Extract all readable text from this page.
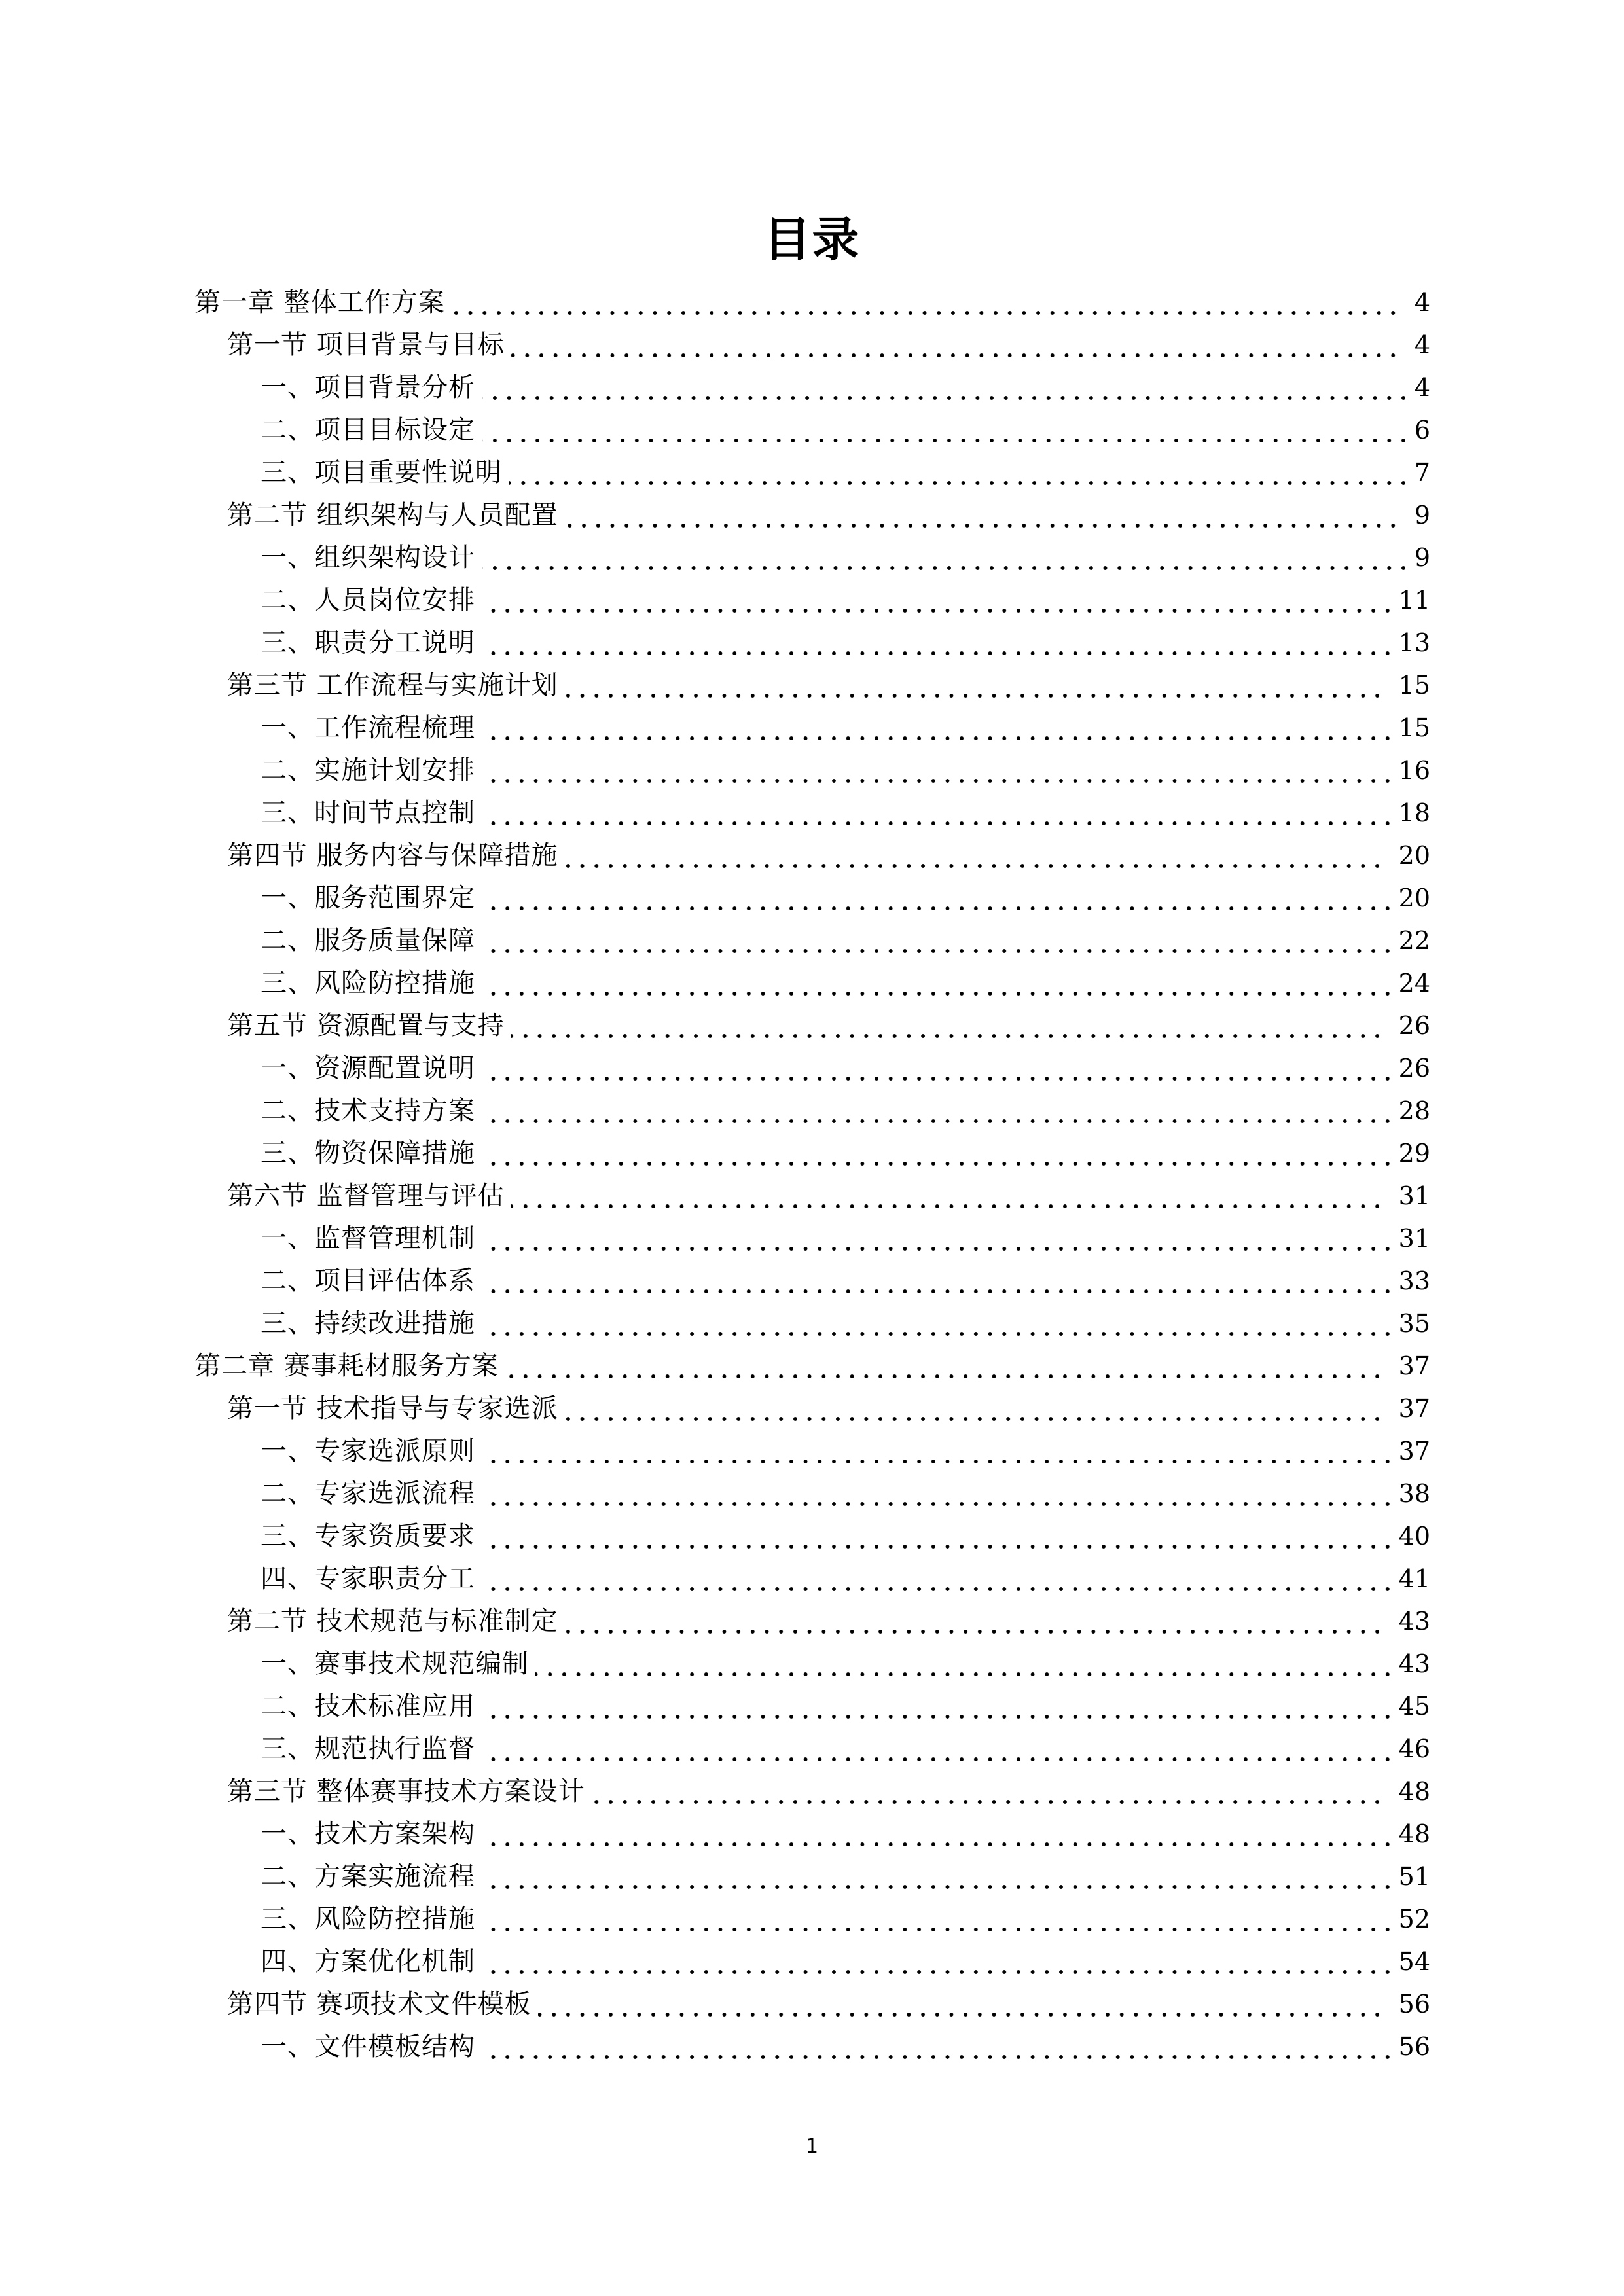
目录
第一章 整体工作方案	4
第一节 项目背景与目标	4
一、项目背景分析	4
二、项目目标设定	6
三、项目重要性说明	7
第二节 组织架构与人员配置	9
一、组织架构设计	9
二、人员岗位安排	11
三、职责分工说明	13
第三节 工作流程与实施计划	15
一、工作流程梳理	15
二、实施计划安排	16
三、时间节点控制	18
第四节 服务内容与保障措施	20
一、服务范围界定	20
二、服务质量保障	22
三、风险防控措施	24
第五节 资源配置与支持	26
一、资源配置说明	26
二、技术支持方案	28
三、物资保障措施	29
第六节 监督管理与评估	31
一、监督管理机制	31
二、项目评估体系	33
三、持续改进措施	35
第二章 赛事耗材服务方案	37
第一节 技术指导与专家选派	37
一、专家选派原则	37
二、专家选派流程	38
三、专家资质要求	40
四、专家职责分工	41
第二节 技术规范与标准制定	43
一、赛事技术规范编制	43
二、技术标准应用	45
三、规范执行监督	46
第三节 整体赛事技术方案设计	48
一、技术方案架构	48
二、方案实施流程	51
三、风险防控措施	52
四、方案优化机制	54
第四节 赛项技术文件模板	56
一、文件模板结构	56
1
